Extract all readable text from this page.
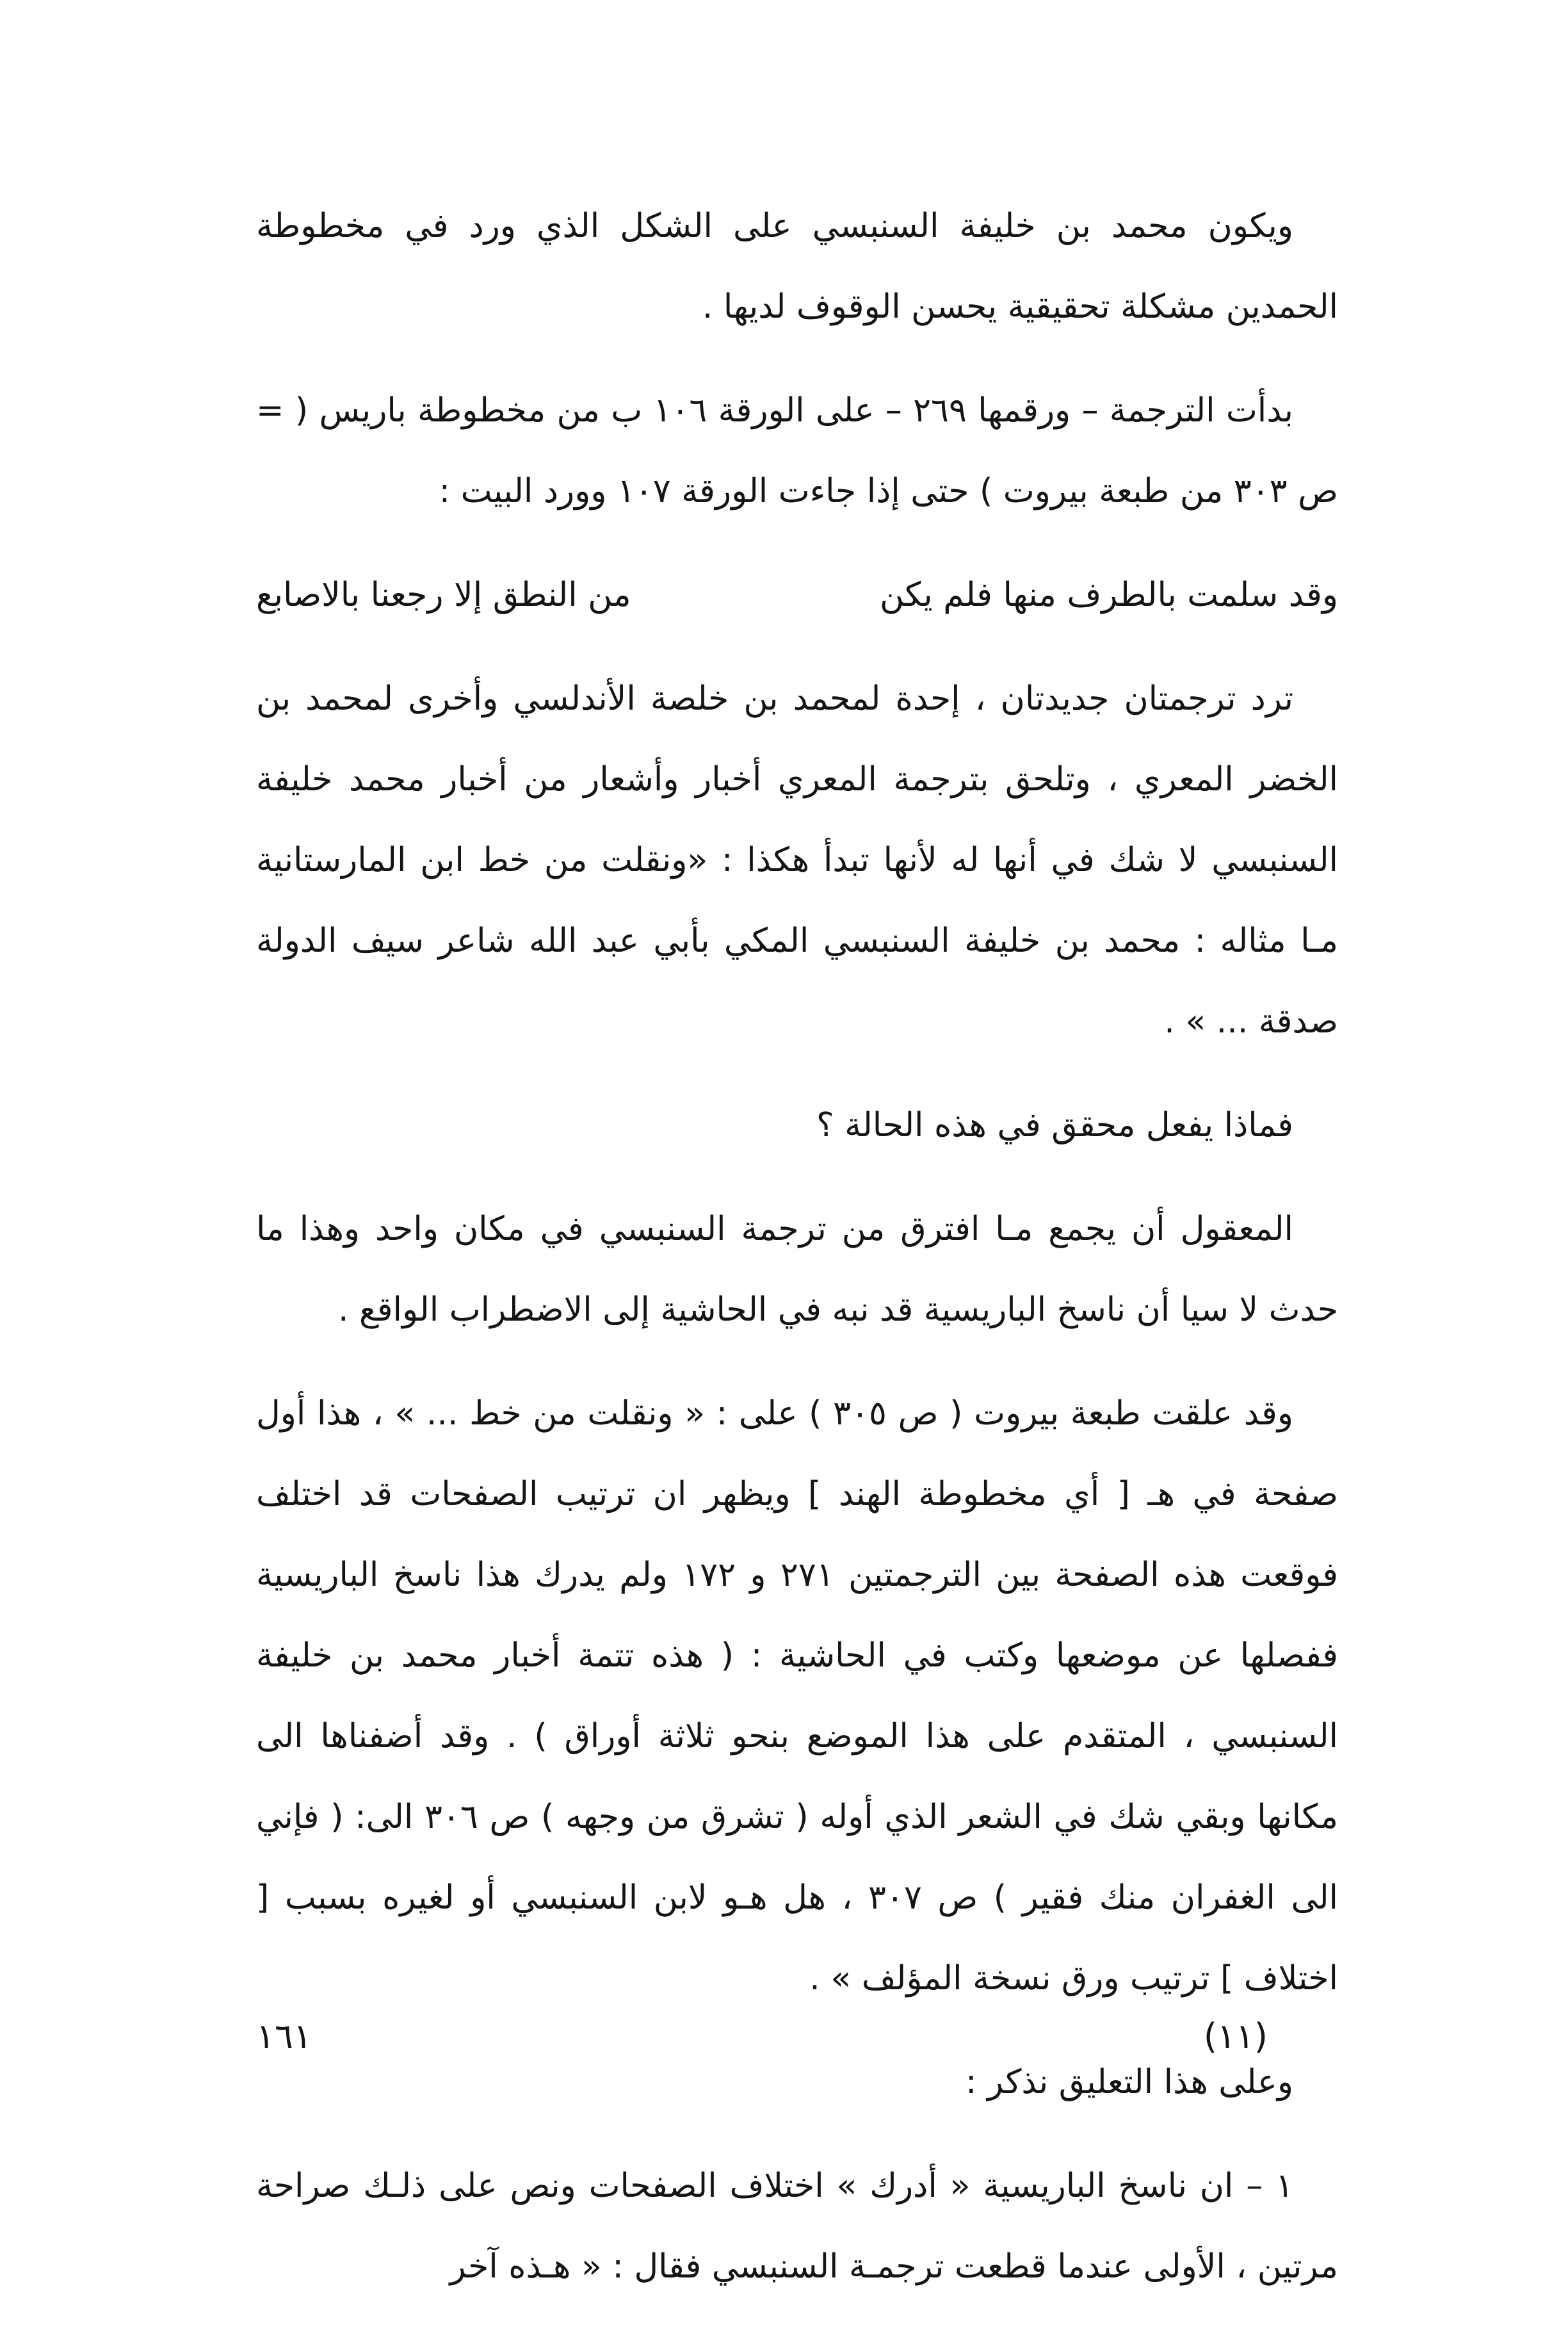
ويكون محمد بن خليفة السنبسي على الشكل الذي ورد في مخطوطة الحمدين مشكلة تحقيقية يحسن الوقوف لديها .

بدأت الترجمة – ورقمها ٢٦٩ – على الورقة ١٠٦ ب من مخطوطة باريس ( = ص ٣٠٣ من طبعة بيروت ) حتى إذا جاءت الورقة ١٠٧ وورد البيت :

وقد سلمت بالطرف منها فلم يكن
من النطق إلا رجعنا بالاصابع

ترد ترجمتان جديدتان ، إحدة لمحمد بن خلصة الأندلسي وأخرى لمحمد بن الخضر المعري ، وتلحق بترجمة المعري أخبار وأشعار من أخبار محمد خليفة السنبسي لا شك في أنها له لأنها تبدأ هكذا : «ونقلت من خط ابن المارستانية مـا مثاله : محمد بن خليفة السنبسي المكي بأبي عبد الله شاعر سيف الدولة صدقة ... » .

فماذا يفعل محقق في هذه الحالة ؟

المعقول أن يجمع مـا افترق من ترجمة السنبسي في مكان واحد وهذا ما حدث لا سيا أن ناسخ الباريسية قد نبه في الحاشية إلى الاضطراب الواقع .

وقد علقت طبعة بيروت ( ص ٣٠٥ ) على : « ونقلت من خط ... » ، هذا أول صفحة في هـ [ أي مخطوطة الهند ] ويظهر ان ترتيب الصفحات قد اختلف فوقعت هذه الصفحة بين الترجمتين ٢٧١ و ١٧٢ ولم يدرك هذا ناسخ الباريسية ففصلها عن موضعها وكتب في الحاشية : ( هذه تتمة أخبار محمد بن خليفة السنبسي ، المتقدم على هذا الموضع بنحو ثلاثة أوراق ) . وقد أضفناها الى مكانها وبقي شك في الشعر الذي أوله ( تشرق من وجهه ) ص ٣٠٦ الى: ( فإني الى الغفران منك فقير ) ص ٣٠٧ ، هل هـو لابن السنبسي أو لغيره بسبب [ اختلاف ] ترتيب ورق نسخة المؤلف » .

وعلى هذا التعليق نذكر :

١ – ان ناسخ الباريسية « أدرك » اختلاف الصفحات ونص على ذلـك صراحة مرتين ، الأولى عندما قطعت ترجمـة السنبسي فقال : « هـذه آخر

(١١)
١٦١
